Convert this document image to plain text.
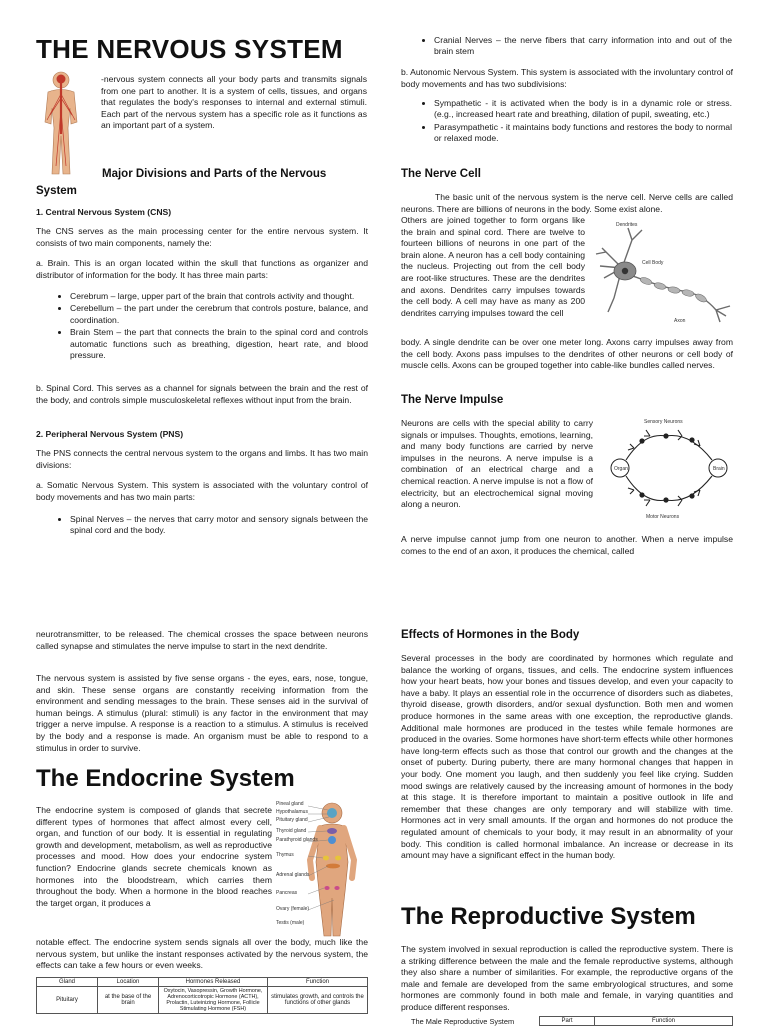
THE NERVOUS SYSTEM

-nervous system connects all your body parts and transmits signals from one part to another. It is a system of cells, tissues, and organs that regulates the body's responses to internal and external stimuli. Each part of the nervous system has a specific role as it functions as an important part of a system.

Major Divisions and Parts of the Nervous System

1. Central Nervous System (CNS)

The CNS serves as the main processing center for the entire nervous system. It consists of two main components, namely the:

a. Brain. This is an organ located within the skull that functions as organizer and distributor of information for the body. It has three main parts:

• Cerebrum – large, upper part of the brain that controls activity and thought.
• Cerebellum – the part under the cerebrum that controls posture, balance, and coordination.
• Brain Stem – the part that connects the brain to the spinal cord and controls automatic functions such as breathing, digestion, heart rate, and blood pressure.

b. Spinal Cord. This serves as a channel for signals between the brain and the rest of the body, and controls simple musculoskeletal reflexes without input from the brain.

2. Peripheral Nervous System (PNS)

The PNS connects the central nervous system to the organs and limbs. It has two main divisions:

a. Somatic Nervous System. This system is associated with the voluntary control of body movements and has two main parts:

• Spinal Nerves – the nerves that carry motor and sensory signals between the spinal cord and the body.
• Cranial Nerves – the nerve fibers that carry information into and out of the brain stem

b. Autonomic Nervous System. This system is associated with the involuntary control of body movements and has two subdivisions:

• Sympathetic - it is activated when the body is in a dynamic role or stress. (e.g., increased heart rate and breathing, dilation of pupil, sweating, etc.)
• Parasympathetic - it maintains body functions and restores the body to normal or relaxed mode.
The Nerve Cell

The basic unit of the nervous system is the nerve cell. Nerve cells are called neurons. There are billions of neurons in the body. Some exist alone.

Others are joined together to form organs like the brain and spinal cord. There are twelve to fourteen billions of neurons in one part of the brain alone. A neuron has a cell body containing the nucleus. Projecting out from the cell body are root-like structures. These are the dendrites and axons. Dendrites carry impulses towards the cell body. A cell may have as many as 200 dendrites carrying impulses toward the cell

Dendrites
Cell Body
Axon

body. A single dendrite can be over one meter long. Axons carry impulses away from the cell body. Axons pass impulses to the dendrites of other neurons or cell body of muscle cells. Axons can be grouped together into cable-like bundles called nerves.

The Nerve Impulse

Neurons are cells with the special ability to carry signals or impulses. Thoughts, emotions, learning, and many body functions are carried by nerve impulses in the neurons. A nerve impulse is a combination of an electrical charge and a chemical reaction. A nerve impulse is not a flow of electricity, but an electrochemical signal moving along a neuron.

Sensory Neurons
Motor Neurons
Organ	Brain

A nerve impulse cannot jump from one neuron to another. When a nerve impulse comes to the end of an axon, it produces the chemical, called

neurotransmitter, to be released. The chemical crosses the space between neurons called synapse and stimulates the nerve impulse to start in the next dendrite.

The nervous system is assisted by five sense organs - the eyes, ears, nose, tongue, and skin. These sense organs are constantly receiving information from the environment and sending messages to the brain. These senses aid in the survival of human beings. A stimulus (plural: stimuli) is any factor in the environment that may trigger a nerve impulse. A response is a reaction to a stimulus. A stimulus is received by the body and a response is made. An organism must be able to respond to a stimulus in order to survive.

The Endocrine System

The endocrine system is composed of glands that secrete different types of hormones that affect almost every cell, organ, and function of our body. It is essential in regulating growth and development, metabolism, as well as reproductive processes and mood. How does your endocrine system function? Endocrine glands secrete chemicals known as hormones into the bloodstream, which carries them throughout the body. When a hormone in the blood reaches the target organ, it produces a

Pineal gland
Hypothalamus
Pituitary gland
Thyroid gland
Parathyroid glands
Thymus
Adrenal glands
Pancreas
Ovary (female)
Testis (male)

notable effect. The endocrine system sends signals all over the body, much like the nervous system, but unlike the instant responses activated by the nervous system, the effects can take a few hours or even weeks.

Gland	Location	Hormones Released	Function
Pituitary	at the base of the brain	Oxytocin, Vasopressin, Growth Hormone, Adrenocorticotropic Hormone (ACTH), Prolactin, Luteinizing Hormone, Follicle Stimulating Hormone (FSH)	stimulates growth, and controls the functions of other glands
Effects of Hormones in the Body

Several processes in the body are coordinated by hormones which regulate and balance the working of organs, tissues, and cells. The endocrine system influences how your heart beats, how your bones and tissues develop, and even your capacity to have a baby. It plays an essential role in the occurrence of disorders such as diabetes, thyroid disease, growth disorders, and/or sexual dysfunction. Both men and women produce hormones in the same areas with one exception, the reproductive glands. Additional male hormones are produced in the testes while female hormones are produced in the ovaries. Some hormones have short-term effects while other hormones have long-term effects such as those that control our growth and the changes at the onset of puberty. During puberty, there are many hormonal changes that happen in your body. One moment you laugh, and then suddenly you feel like crying. Sudden mood swings are relatively caused by the increasing amount of hormones in the body at this stage. It is therefore important to maintain a positive outlook in life and remember that these changes are only temporary and will stabilize with time. Hormones act in very small amounts. If the organ and hormones do not produce the regulated amount of chemicals to your body, it may result in an abnormality of your body. This condition is called hormonal imbalance. An increase or decrease in its amount may have a significant effect in the human body.

The Reproductive System

The system involved in sexual reproduction is called the reproductive system. There is a striking difference between the male and the female reproductive systems, although they also share a number of similarities. For example, the reproductive organs of the male and female are developed from the same embryological structures, and some hormones are commonly found in both male and female, in varying quantities and produce different responses.

The Male Reproductive System	Part	Function
